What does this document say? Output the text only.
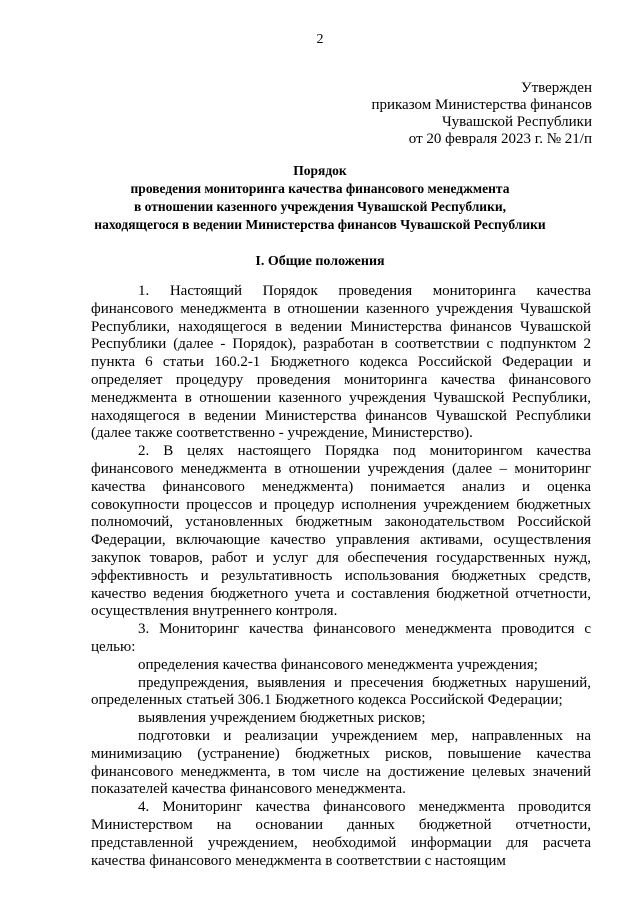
2
Утвержден
приказом Министерства финансов
Чувашской Республики
от 20 февраля 2023 г. № 21/п
Порядок
проведения мониторинга качества финансового менеджмента
в отношении казенного учреждения Чувашской Республики,
находящегося в ведении Министерства финансов Чувашской Республики
I. Общие положения

1. Настоящий Порядок проведения мониторинга качества финансового менеджмента в отношении казенного учреждения Чувашской Республики, находящегося в ведении Министерства финансов Чувашской Республики (далее - Порядок), разработан в соответствии с подпунктом 2 пункта 6 статьи 160.2-1 Бюджетного кодекса Российской Федерации и определяет процедуру проведения мониторинга качества финансового менеджмента в отношении казенного учреждения Чувашской Республики, находящегося в ведении Министерства финансов Чувашской Республики (далее также соответственно - учреждение, Министерство).

2. В целях настоящего Порядка под мониторингом качества финансового менеджмента в отношении учреждения (далее – мониторинг качества финансового менеджмента) понимается анализ и оценка совокупности процессов и процедур исполнения учреждением бюджетных полномочий, установленных бюджетным законодательством Российской Федерации, включающие качество управления активами, осуществления закупок товаров, работ и услуг для обеспечения государственных нужд, эффективность и результативность использования бюджетных средств, качество ведения бюджетного учета и составления бюджетной отчетности, осуществления внутреннего контроля.

3. Мониторинг качества финансового менеджмента проводится с целью:

определения качества финансового менеджмента учреждения;

предупреждения, выявления и пресечения бюджетных нарушений, определенных статьей 306.1 Бюджетного кодекса Российской Федерации;

выявления учреждением бюджетных рисков;

подготовки и реализации учреждением мер, направленных на минимизацию (устранение) бюджетных рисков, повышение качества финансового менеджмента, в том числе на достижение целевых значений показателей качества финансового менеджмента.

4. Мониторинг качества финансового менеджмента проводится Министерством на основании данных бюджетной отчетности, представленной учреждением, необходимой информации для расчета качества финансового менеджмента в соответствии с настоящим
